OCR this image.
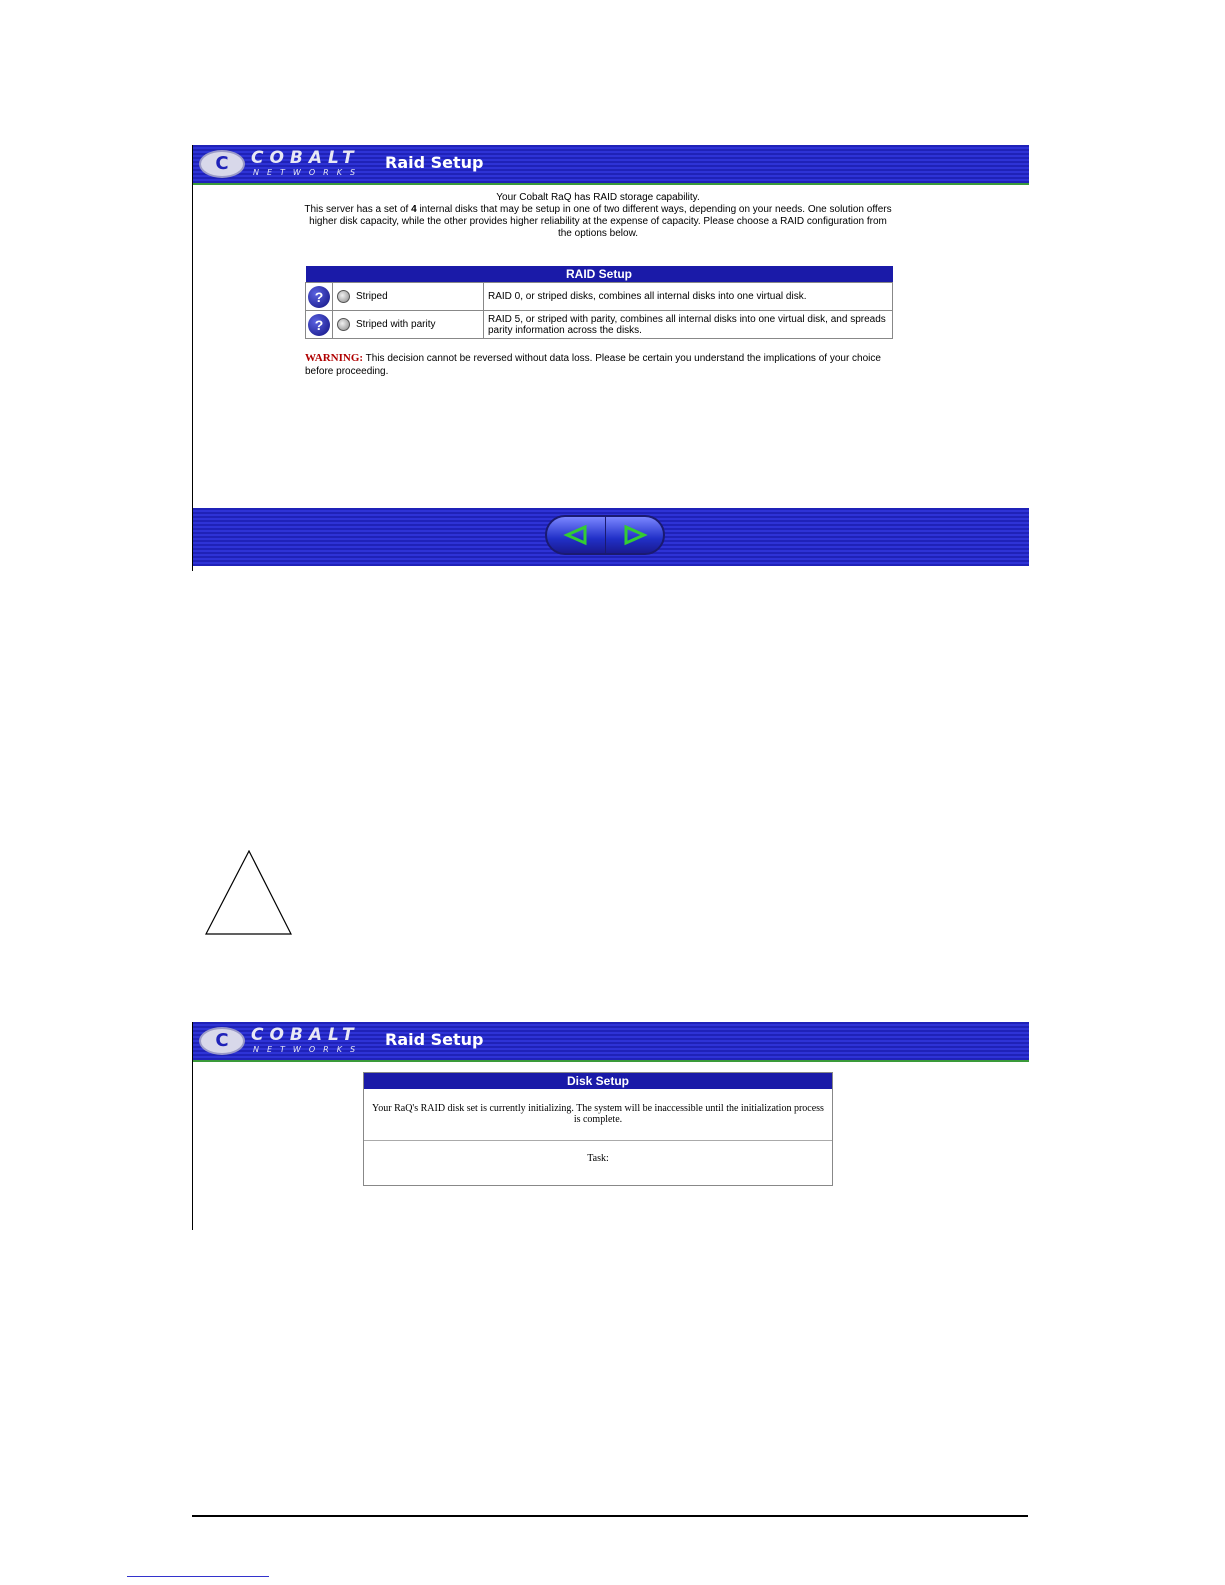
C	COBALT
NETWORKS
Raid Setup
Your Cobalt RaQ has RAID storage capability.
This server has a set of 4 internal disks that may be setup in one of two different ways, depending on your needs. One solution offers higher disk capacity, while the other provides higher reliability at the expense of capacity. Please choose a RAID configuration from the options below.
RAID Setup		
?	Striped	RAID 0, or striped disks, combines all internal disks into one virtual disk.
?	Striped with parity	RAID 5, or striped with parity, combines all internal disks into one virtual disk, and spreads parity information across the disks.
WARNING: This decision cannot be reversed without data loss. Please be certain you understand the implications of your choice before proceeding.
C	COBALT
NETWORKS
Raid Setup
Disk Setup
Your RaQ's RAID disk set is currently initializing. The system will be inaccessible until the initialization process is complete.
Task:
